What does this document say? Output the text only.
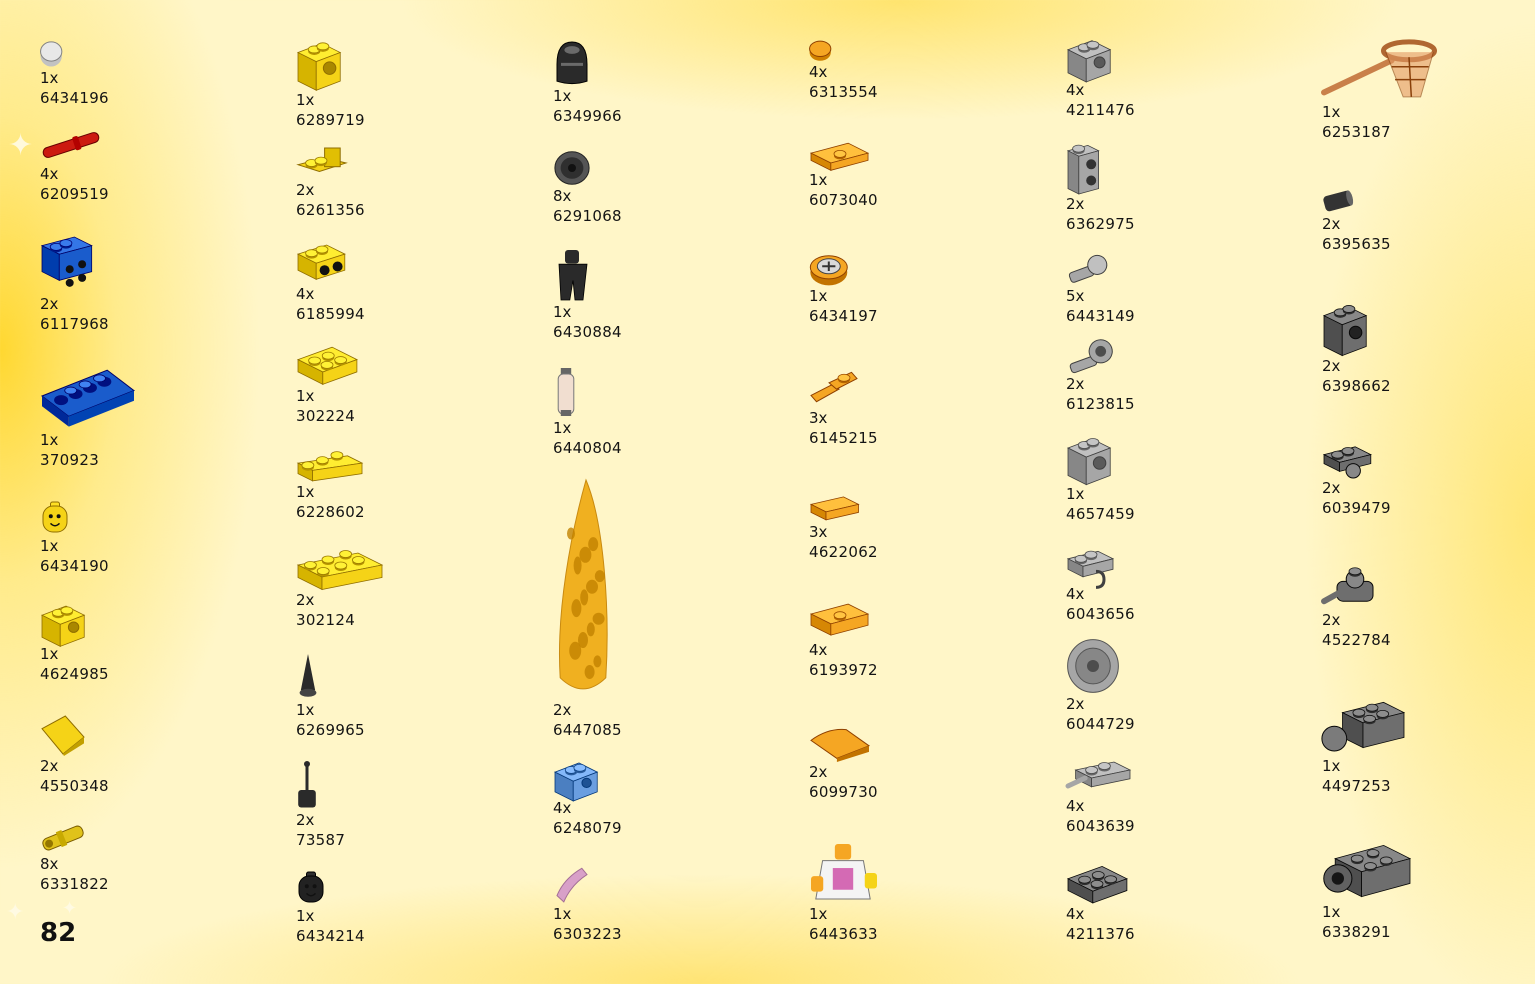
✦
✦ ✦
1x
6434196
4x
6209519
2x
6117968
1x
370923
1x
6434190
1x
4624985
2x
4550348
8x
6331822
1x
6289719
2x
6261356
4x
6185994
1x
302224
1x
6228602
2x
302124
1x
6269965
2x
73587
1x
6434214
1x
6349966
8x
6291068
1x
6430884
1x
6440804
2x
6447085
4x
6248079
1x
6303223
4x
6313554
1x
6073040
1x
6434197
3x
6145215
3x
4622062
4x
6193972
2x
6099730
1x
6443633
4x
4211476
2x
6362975
5x
6443149
2x
6123815
1x
4657459
4x
6043656
2x
6044729
4x
6043639
4x
4211376
1x
6253187
2x
6395635
2x
6398662
2x
6039479
2x
4522784
1x
4497253
1x
6338291
82
